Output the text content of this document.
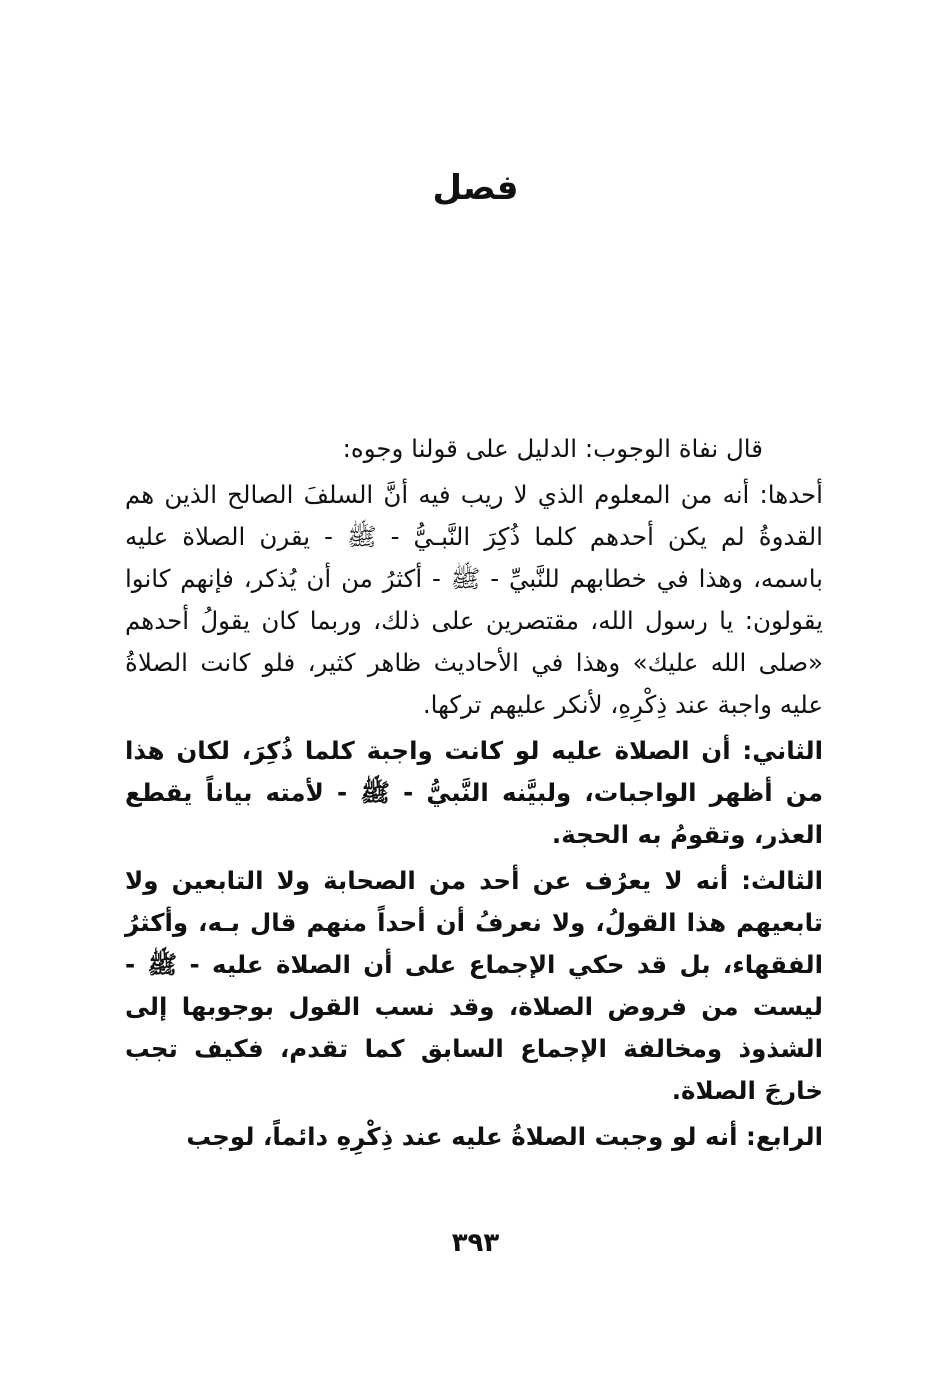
فصل

قال نفاة الوجوب: الدليل على قولنا وجوه:

أحدها: أنه من المعلوم الذي لا ريب فيه أنَّ السلفَ الصالح الذين هم القدوةُ لم يكن أحدهم كلما ذُكِرَ النَّبـيُّ - ﷺ - يقرن الصلاة عليه باسمه، وهذا في خطابهم للنَّبيِّ - ﷺ - أكثرُ من أن يُذكر، فإنهم كانوا يقولون: يا رسول الله، مقتصرين على ذلك، وربما كان يقولُ أحدهم «صلى الله عليك» وهذا في الأحاديث ظاهر كثير، فلو كانت الصلاةُ عليه واجبة عند ذِكْرِهِ، لأنكر عليهم تركها.

الثاني: أن الصلاة عليه لو كانت واجبة كلما ذُكِرَ، لكان هذا من أظهر الواجبات، ولبيَّنه النَّبيُّ - ﷺ - لأمته بياناً يقطع العذر، وتقومُ به الحجة.

الثالث: أنه لا يعرُف عن أحد من الصحابة ولا التابعين ولا تابعيهم هذا القولُ، ولا نعرفُ أن أحداً منهم قال بـه، وأكثرُ الفقهاء، بل قد حكي الإجماع على أن الصلاة عليه - ﷺ - ليست من فروض الصلاة، وقد نسب القول بوجوبها إلى الشذوذ ومخالفة الإجماع السابق كما تقدم، فكيف تجب خارجَ الصلاة.

الرابع: أنه لو وجبت الصلاةُ عليه عند ذِكْرِهِ دائماً، لوجب

٣٩٣
